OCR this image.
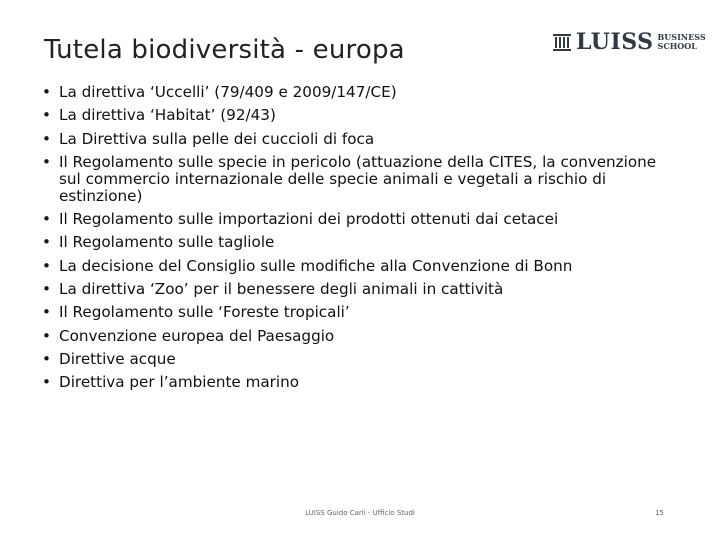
Tutela biodiversità - europa	LUISS BUSINESS
SCHOOL
• La direttiva ‘Uccelli’ (79/409 e 2009/147/CE)
• La direttiva ‘Habitat’ (92/43)
• La Direttiva sulla pelle dei cuccioli di foca
• Il Regolamento sulle specie in pericolo (attuazione della CITES, la convenzione sul commercio internazionale delle specie animali e vegetali a rischio di estinzione)
• Il Regolamento sulle importazioni dei prodotti ottenuti dai cetacei
• Il Regolamento sulle tagliole
• La decisione del Consiglio sulle modifiche alla Convenzione di Bonn
• La direttiva ‘Zoo’ per il benessere degli animali in cattività
• Il Regolamento sulle ‘Foreste tropicali’
• Convenzione europea del Paesaggio
• Direttive acque
• Direttiva per l’ambiente marino
LUISS Guido Carli - Ufficio Studi	15
